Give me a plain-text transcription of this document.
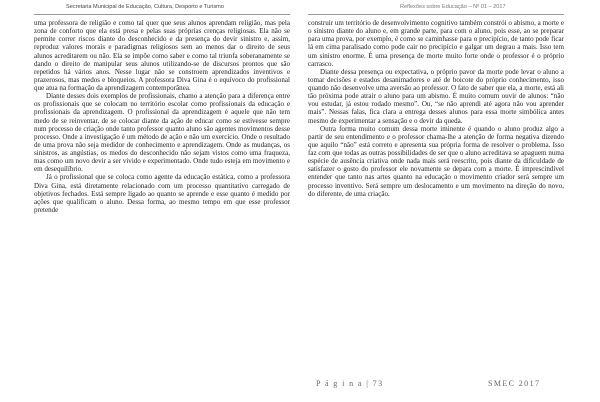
Secretaria Municipal de Educação, Cultura, Desporto e Turismo	Reflexões sobre Educação – Nº 01 – 2017

uma professora de religião e como tal quer que seus alunos aprendam religião, mas pela zona de conforto que ela está presa e pelas suas próprias crenças religiosas. Ela não se permite correr riscos diante do desconhecido e da presença do devir sinistro e, assim, reproduz valores morais e paradigmas religiosos sem ao menos dar o direito de seus alunos acreditarem ou não. Ela se impõe como saber e como tal triunfa soberanamente se dando o direito de manipular seus alunos utilizando-se de discursos prontos que são repetidos há vários anos. Nesse lugar não se constroem aprendizados inventivos e prazerosos, mas medos e bloqueios. A professora Diva Gina é o equívoco do profissional que atua na formação da aprendizagem contemporânea.

Diante desses dois exemplos de profissionais, chamo a atenção para a diferença entre os profissionais que se colocam no território escolar como profissionais da educação e profissionais da aprendizagem. O profissional da aprendizagem é aquele que não tem medo de se reinventar, de se colocar diante da ação de educar como se estivesse sempre num processo de criação onde tanto professor quanto aluno são agentes movimentos desse processo. Onde a investigação é um método de ação e não um exercício. Onde o resultado de uma prova não seja medidor de conhecimento e aprendizagem. Onde as mudanças, os sinistros, as angústias, os medos do desconhecido não sejam vistos como uma fraqueza, mas como um novo devir a ser vivido e experimentado. Onde tudo esteja em movimento e em desequilíbrio.

Já o profissional que se coloca como agente da educação estática, como a professora Diva Gina, está diretamente relacionado com um processo quantitativo carregado de objetivos fechados. Está sempre ligado ao quanto se aprende e esse quanto é medido por ações que qualificam o aluno. Dessa forma, ao mesmo tempo em que esse professor pretende

construir um território de desenvolvimento cognitivo também constrói o abismo, a morte e o sinistro diante do aluno e, em grande parte, para com o aluno, pois esse, ao se preparar para uma prova, por exemplo, é como se caminhasse para o precipício, de tanto pode ficar lá em cima paralisado como pode cair no precipício e galgar um degrau a mais. Isso tem um sinistro enorme. É uma presença de morte muito forte onde o professor é o próprio carrasco.

Diante dessa presença ou expectativa, o próprio pavor da morte pode levar o aluno a tomar decisões e estados desanimadores e até de boicote do próprio conhecimento, isso quando não desenvolve uma aversão ao professor. O fato de saber que ela, a morte, está ali tão próxima pode atrair o aluno para um abismo. É muito comum ouvir de alunos: “não vou estudar, já estou rodado mesmo”. Ou, “se não aprendi até agora não vou aprender mais”. Nessas falas, fica clara a entrega desses alunos para essa morte simbólica antes mesmo de experimentar a sensação e o devir da queda.

Outra forma muito comum dessa morte iminente é quando o aluno produz algo a partir de seu entendimento e o professor chama-lhe a atenção de forma negativa dizendo que aquilo “não” está correto e apresenta sua própria forma de resolver o problema. Isso faz com que todas as outras possibilidades de ser que o aluno acreditava se apaguem numa espécie de ausência criativa onde nada mais será reescrito, pois diante da dificuldade de satisfazer o gosto do professor ele novamente se depara com a morte. É imprescindível entender que tanto nas artes quanto na educação o movimento criador será sempre um processo inventivo. Será sempre um deslocamento e um movimento na direção do novo, do diferente, de uma criação.

P á g i n a | 73	SMEC 2017
